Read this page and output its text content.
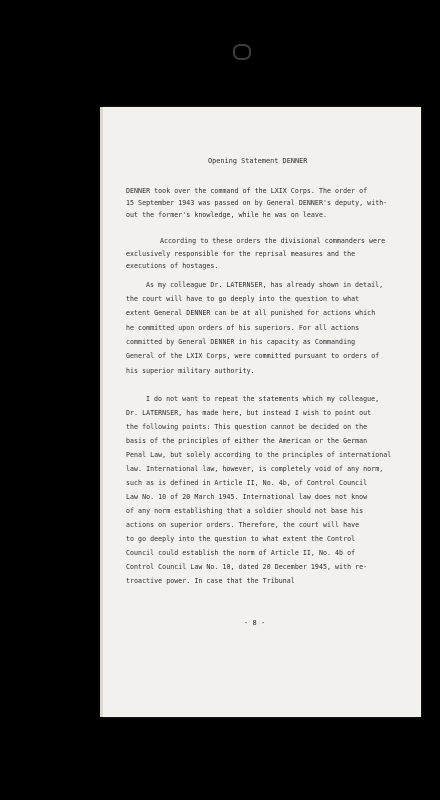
Opening Statement DENNER
DENNER took over the command of the LXIX Corps. The order of
15 September 1943 was passed on by General DENNER's deputy, with-
out the former's knowledge, while he was on leave.
According to these orders the divisional commanders were
exclusively responsible for the reprisal measures and the
executions of hostages.
As my colleague Dr. LATERNSER, has already shown in detail,
the court will have to go deeply into the question to what
extent General DENNER can be at all punished for actions which
he committed upon orders of his superiors. For all actions
committed by General DENNER in his capacity as Commanding
General of the LXIX Corps, were committed pursuant to orders of
his superior military authority.
I do not want to repeat the statements which my colleague,
Dr. LATERNSER, has made here, but instead I wish to point out
the following points: This question cannot be decided on the
basis of the principles of either the American or the German
Penal Law, but solely according to the principles of international
law. International law, however, is completely void of any norm,
such as is defined in Article II, No. 4b, of Control Council
Law No. 10 of 20 March 1945. International law does not know
of any norm establishing that a soldier should not base his
actions on superior orders. Therefore, the court will have
to go deeply into the question to what extent the Control
Council could establish the norm of Article II, No. 4b of
Control Council Law No. 10, dated 20 December 1945, with re-
troactive power. In case that the Tribunal
- 8 -
